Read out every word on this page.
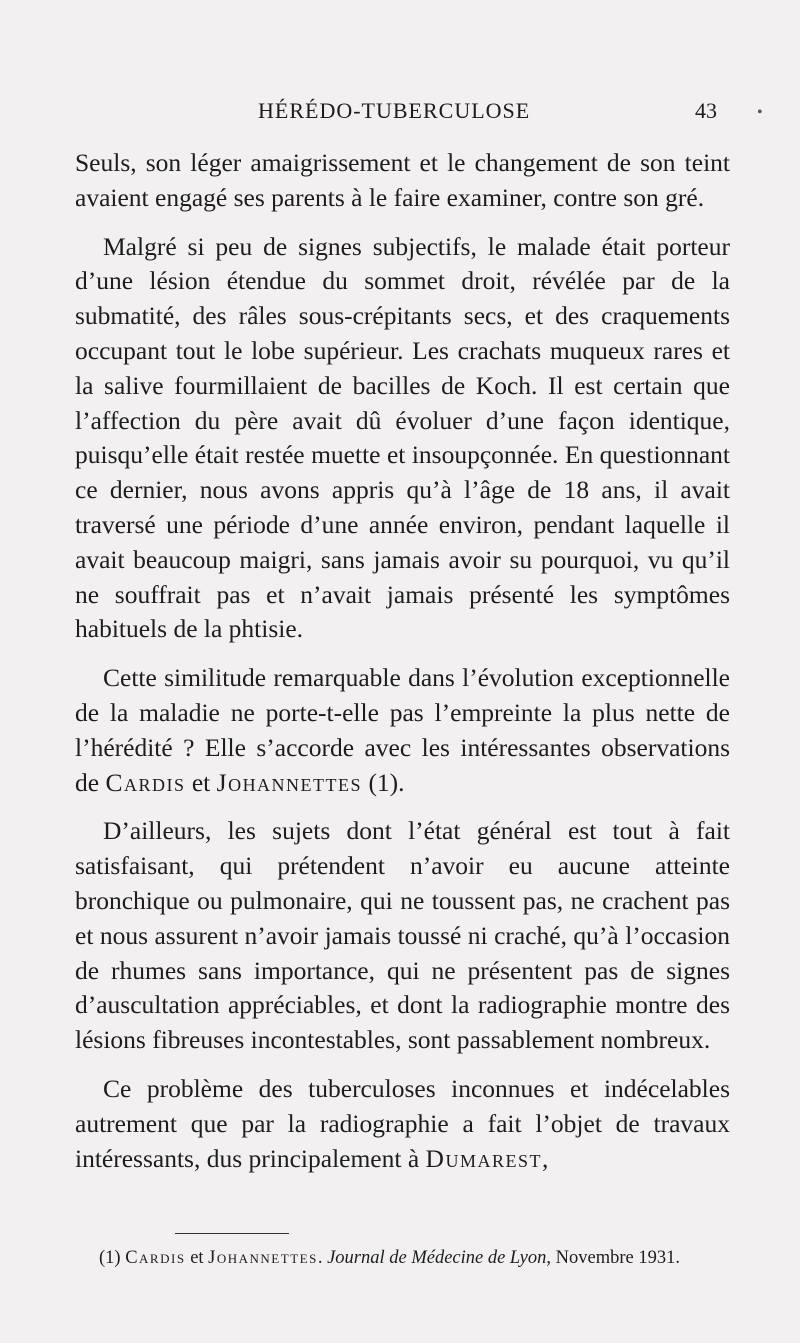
HÉRÉDO-TUBERCULOSE	43	•

Seuls, son léger amaigrissement et le changement de son teint avaient engagé ses parents à le faire examiner, contre son gré.

Malgré si peu de signes subjectifs, le malade était porteur d’une lésion étendue du sommet droit, révélée par de la submatité, des râles sous-crépitants secs, et des craquements occupant tout le lobe supérieur. Les crachats muqueux rares et la salive fourmillaient de bacilles de Koch. Il est certain que l’affection du père avait dû évoluer d’une façon identique, puisqu’elle était restée muette et insoupçonnée. En questionnant ce dernier, nous avons appris qu’à l’âge de 18 ans, il avait traversé une période d’une année environ, pendant laquelle il avait beaucoup maigri, sans jamais avoir su pourquoi, vu qu’il ne souffrait pas et n’avait jamais présenté les symptômes habituels de la phtisie.

Cette similitude remarquable dans l’évolution exceptionnelle de la maladie ne porte-t-elle pas l’empreinte la plus nette de l’hérédité ? Elle s’accorde avec les intéressantes observations de Cardis et Johannettes (1).

D’ailleurs, les sujets dont l’état général est tout à fait satisfaisant, qui prétendent n’avoir eu aucune atteinte bronchique ou pulmonaire, qui ne toussent pas, ne crachent pas et nous assurent n’avoir jamais toussé ni craché, qu’à l’occasion de rhumes sans importance, qui ne présentent pas de signes d’auscultation appréciables, et dont la radiographie montre des lésions fibreuses incontestables, sont passablement nombreux.

Ce problème des tuberculoses inconnues et indécelables autrement que par la radiographie a fait l’objet de travaux intéressants, dus principalement à Dumarest,

(1) Cardis et Johannettes. Journal de Médecine de Lyon, Novembre 1931.
